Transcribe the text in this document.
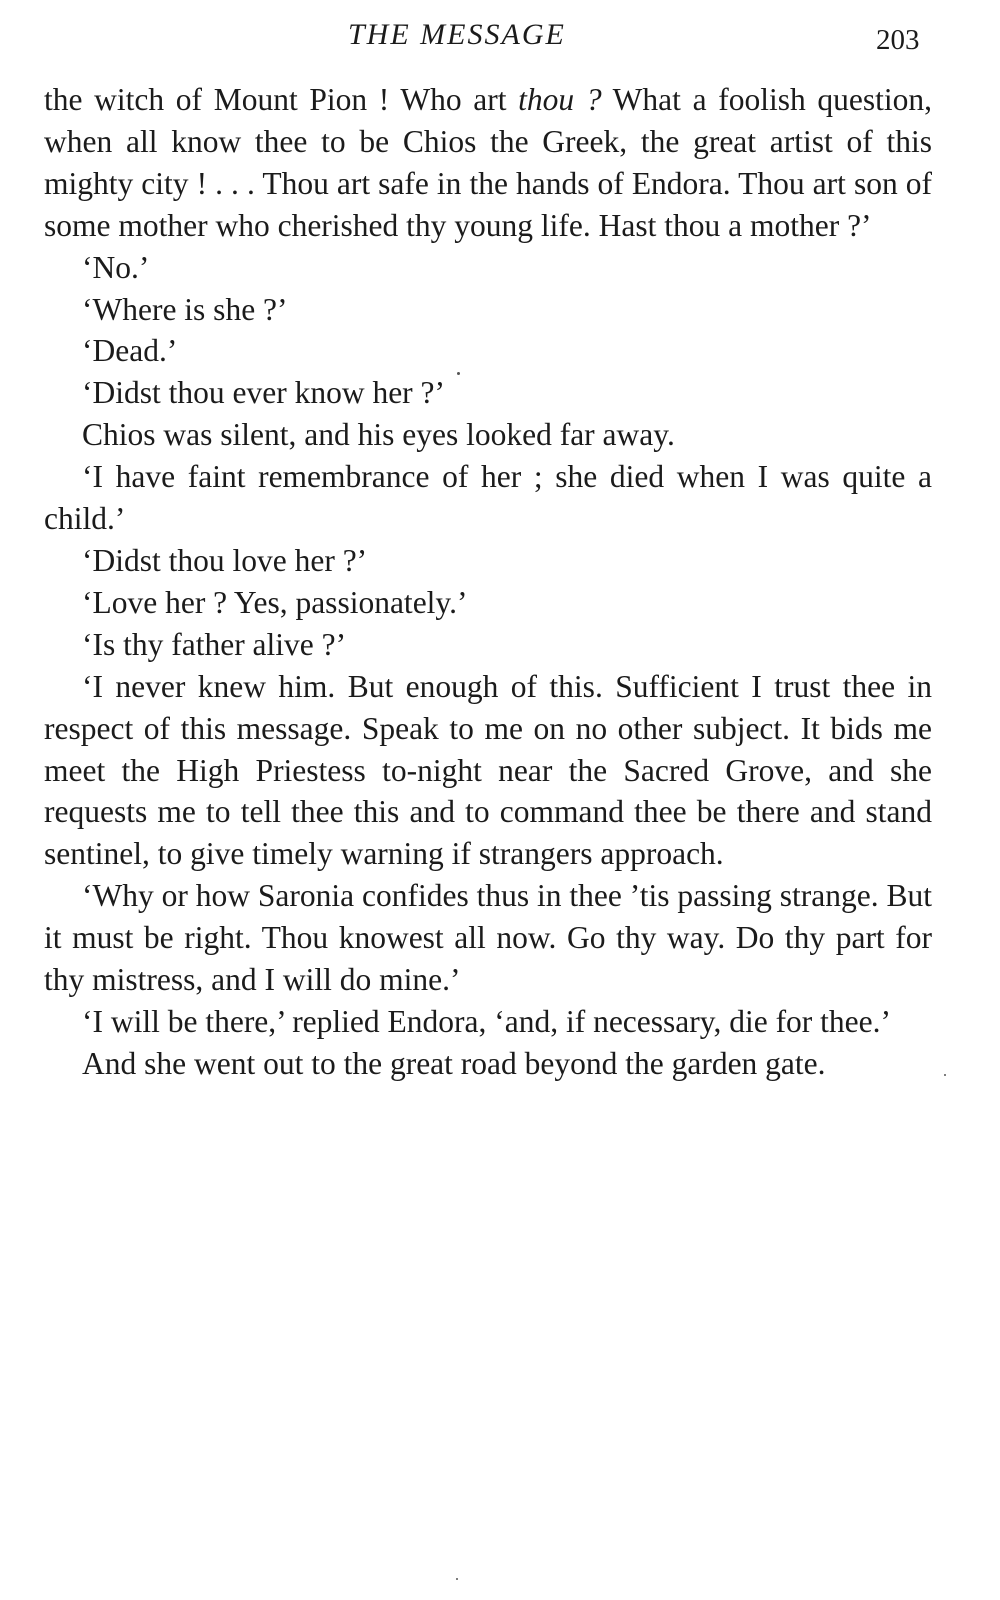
THE MESSAGE	203

the witch of Mount Pion ! Who art thou ? What a foolish question, when all know thee to be Chios the Greek, the great artist of this mighty city ! . . . Thou art safe in the hands of Endora. Thou art son of some mother who cherished thy young life. Hast thou a mother ?’

‘No.’

‘Where is she ?’

‘Dead.’

‘Didst thou ever know her ?’

Chios was silent, and his eyes looked far away.

‘I have faint remembrance of her ; she died when I was quite a child.’

‘Didst thou love her ?’

‘Love her ? Yes, passionately.’

‘Is thy father alive ?’

‘I never knew him. But enough of this. Sufficient I trust thee in respect of this message. Speak to me on no other subject. It bids me meet the High Priestess to-night near the Sacred Grove, and she requests me to tell thee this and to command thee be there and stand sentinel, to give timely warning if strangers approach.

‘Why or how Saronia confides thus in thee ’tis passing strange. But it must be right. Thou knowest all now. Go thy way. Do thy part for thy mistress, and I will do mine.’

‘I will be there,’ replied Endora, ‘and, if necessary, die for thee.’

And she went out to the great road beyond the garden gate.
